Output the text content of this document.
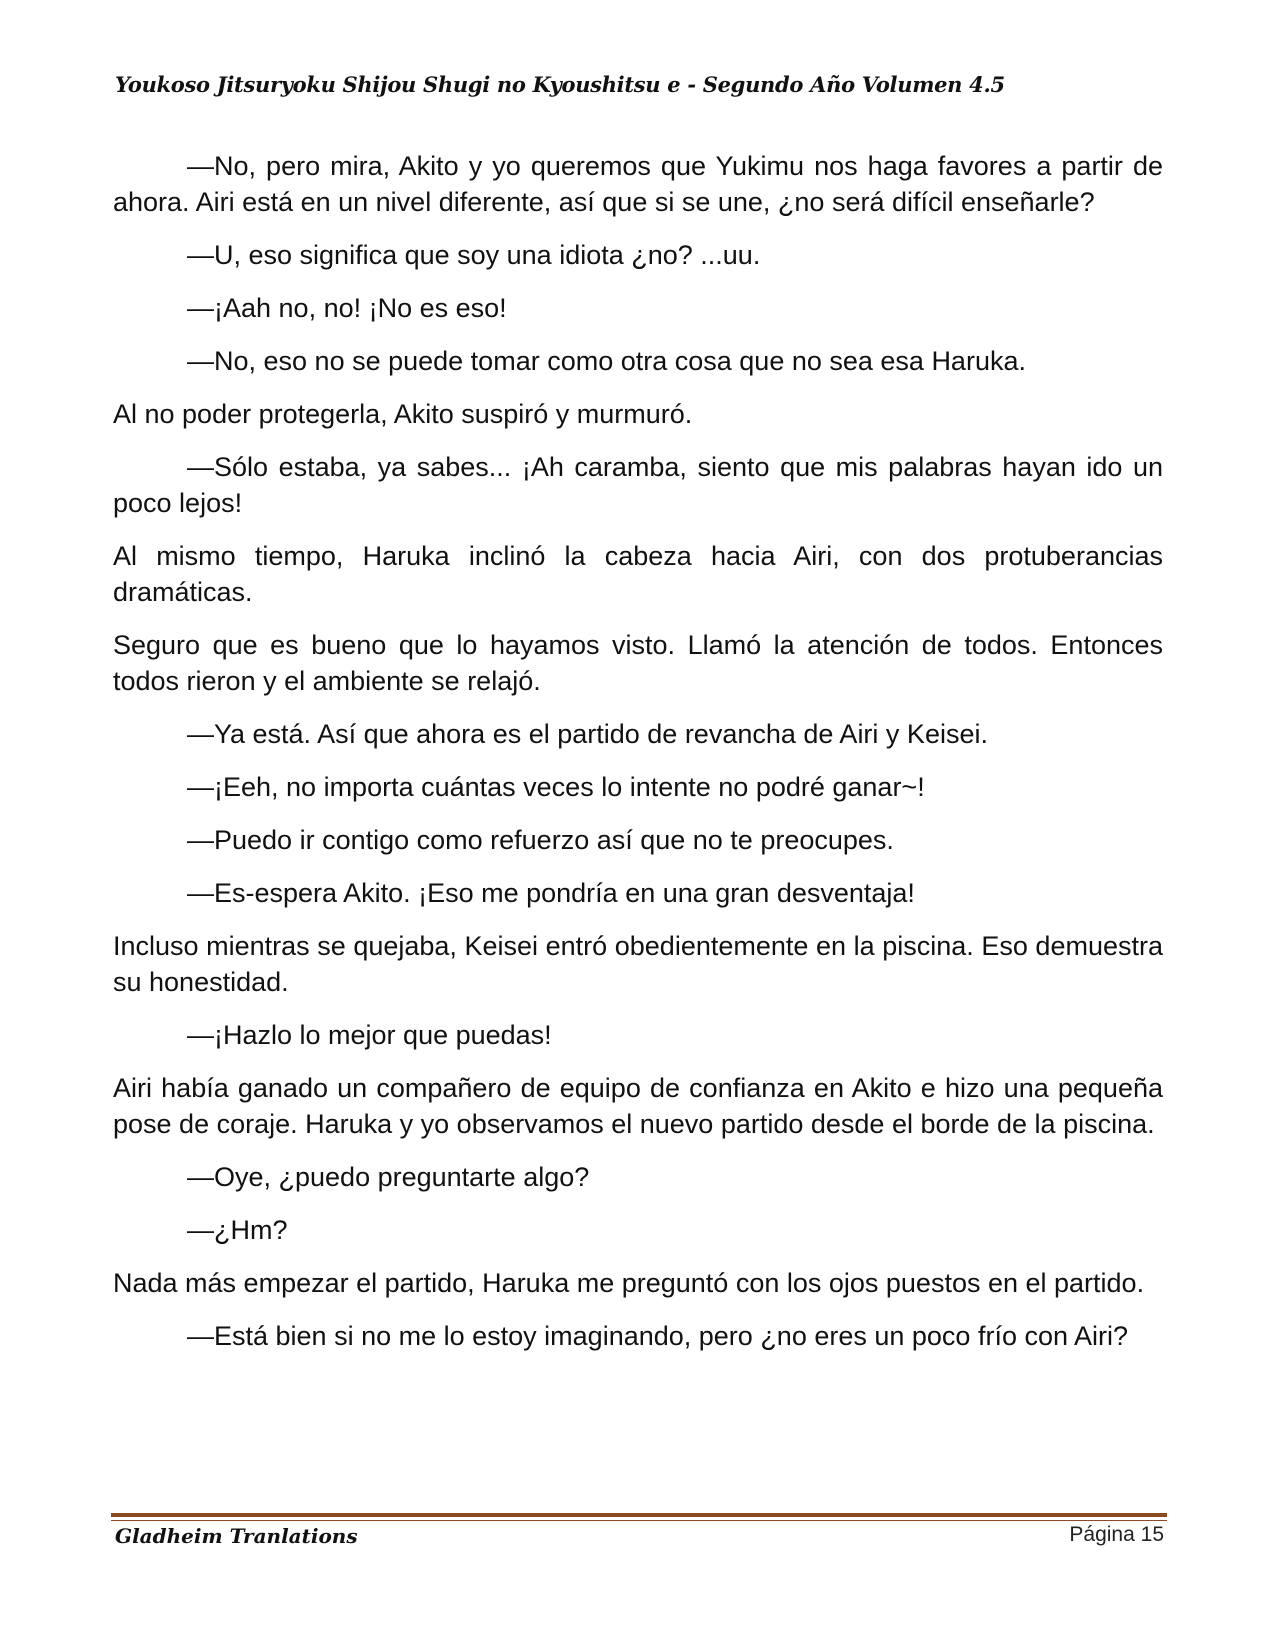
Youkoso Jitsuryoku Shijou Shugi no Kyoushitsu e - Segundo Año Volumen 4.5

—No, pero mira, Akito y yo queremos que Yukimu nos haga favores a partir de ahora. Airi está en un nivel diferente, así que si se une, ¿no será difícil enseñarle?

—U, eso significa que soy una idiota ¿no? ...uu.

—¡Aah no, no! ¡No es eso!

—No, eso no se puede tomar como otra cosa que no sea esa Haruka.

Al no poder protegerla, Akito suspiró y murmuró.

—Sólo estaba, ya sabes... ¡Ah caramba, siento que mis palabras hayan ido un poco lejos!

Al mismo tiempo, Haruka inclinó la cabeza hacia Airi, con dos protuberancias dramáticas.

Seguro que es bueno que lo hayamos visto. Llamó la atención de todos. Entonces todos rieron y el ambiente se relajó.

—Ya está. Así que ahora es el partido de revancha de Airi y Keisei.

—¡Eeh, no importa cuántas veces lo intente no podré ganar~!

—Puedo ir contigo como refuerzo así que no te preocupes.

—Es-espera Akito. ¡Eso me pondría en una gran desventaja!

Incluso mientras se quejaba, Keisei entró obedientemente en la piscina. Eso demuestra su honestidad.

—¡Hazlo lo mejor que puedas!

Airi había ganado un compañero de equipo de confianza en Akito e hizo una pequeña pose de coraje. Haruka y yo observamos el nuevo partido desde el borde de la piscina.

—Oye, ¿puedo preguntarte algo?

—¿Hm?

Nada más empezar el partido, Haruka me preguntó con los ojos puestos en el partido.

—Está bien si no me lo estoy imaginando, pero ¿no eres un poco frío con Airi?

Gladheim Tranlations	Página 15
